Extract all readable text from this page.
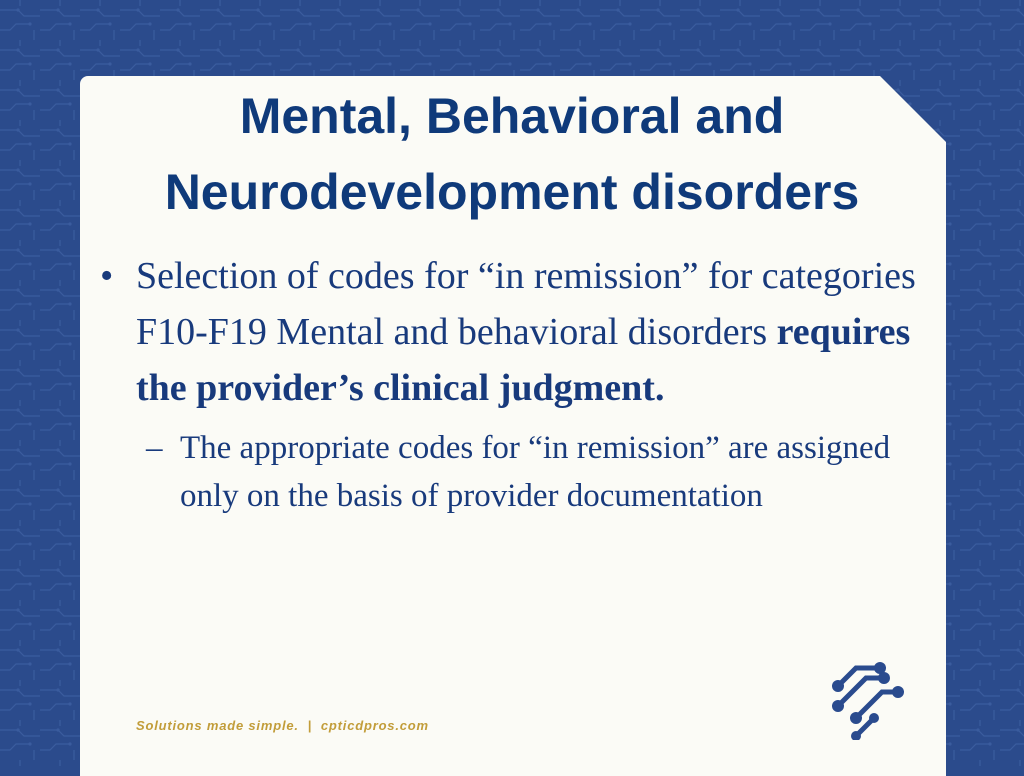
Mental, Behavioral and
Neurodevelopment disorders
• Selection of codes for “in remission” for categories F10-F19 Mental and behavioral disorders requires the provider’s clinical judgment.
– The appropriate codes for “in remission” are assigned only on the basis of provider documentation
Solutions made simple.  |  cpticdpros.com
